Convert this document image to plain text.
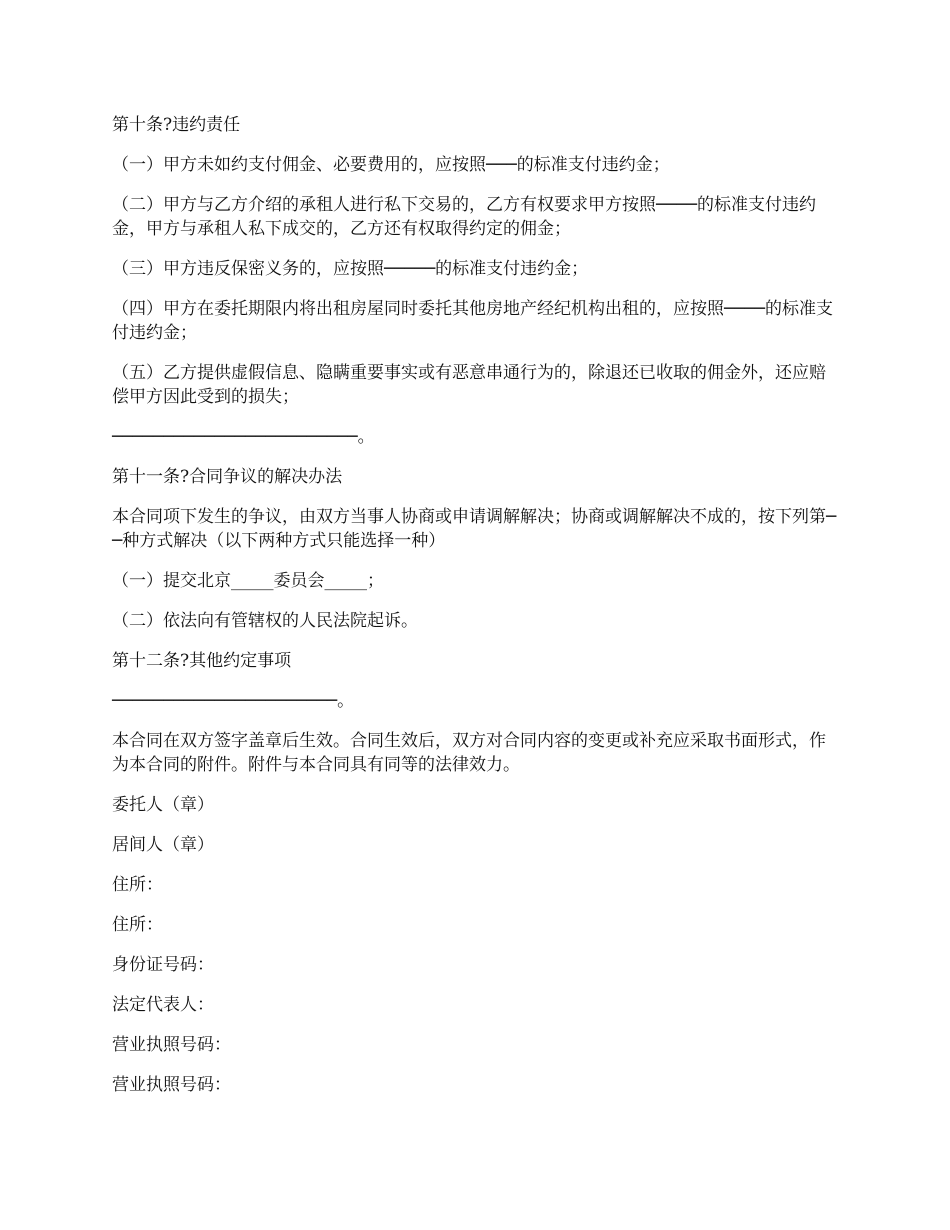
第十条?违约责任

（一）甲方未如约支付佣金、必要费用的，应按照───的标准支付违约金；

（二）甲方与乙方介绍的承租人进行私下交易的，乙方有权要求甲方按照────的标准支付违约金，甲方与承租人私下成交的，乙方还有权取得约定的佣金；

（三）甲方违反保密义务的，应按照─────的标准支付违约金；

（四）甲方在委托期限内将出租房屋同时委托其他房地产经纪机构出租的，应按照────的标准支付违约金；

（五）乙方提供虚假信息、隐瞒重要事实或有恶意串通行为的，除退还已收取的佣金外，还应赔偿甲方因此受到的损失；

────────────────────────。

第十一条?合同争议的解决办法

本合同项下发生的争议，由双方当事人协商或申请调解解决；协商或调解解决不成的，按下列第──种方式解决（以下两种方式只能选择一种）

（一）提交北京_____委员会_____；

（二）依法向有管辖权的人民法院起诉。

第十二条?其他约定事项

──────────────────────。

本合同在双方签字盖章后生效。合同生效后，双方对合同内容的变更或补充应采取书面形式，作为本合同的附件。附件与本合同具有同等的法律效力。

委托人（章）

居间人（章）

住所：

住所：

身份证号码：

法定代表人：

营业执照号码：

营业执照号码：
